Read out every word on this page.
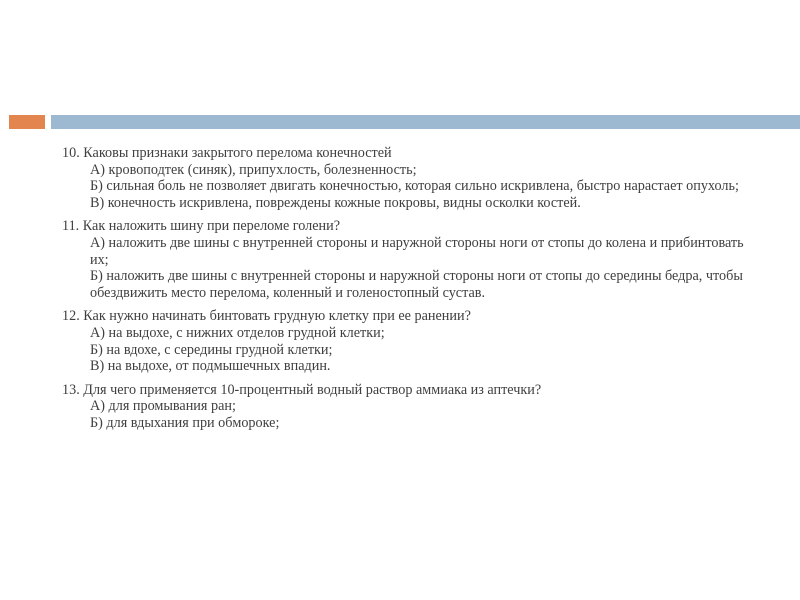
10. Каковы признаки закрытого перелома конечностей
А) кровоподтек (синяк), припухлость, болезненность;
Б) сильная боль не позволяет двигать конечностью, которая сильно искривлена, быстро нарастает опухоль;
В) конечность искривлена, повреждены кожные покровы, видны осколки костей.
11. Как наложить шину при переломе голени?
А) наложить две шины с внутренней стороны и наружной стороны ноги от стопы до колена и прибинтовать их;
Б) наложить две шины с внутренней стороны и наружной стороны ноги от стопы до середины бедра, чтобы обездвижить место перелома, коленный и голеностопный сустав.
12. Как нужно начинать бинтовать грудную клетку при ее ранении?
А) на выдохе, с нижних отделов грудной клетки;
Б) на вдохе, с середины грудной клетки;
В) на выдохе, от подмышечных впадин.
13. Для чего применяется 10-процентный водный раствор аммиака из аптечки?
А) для промывания ран;
Б) для вдыхания при обмороке;
